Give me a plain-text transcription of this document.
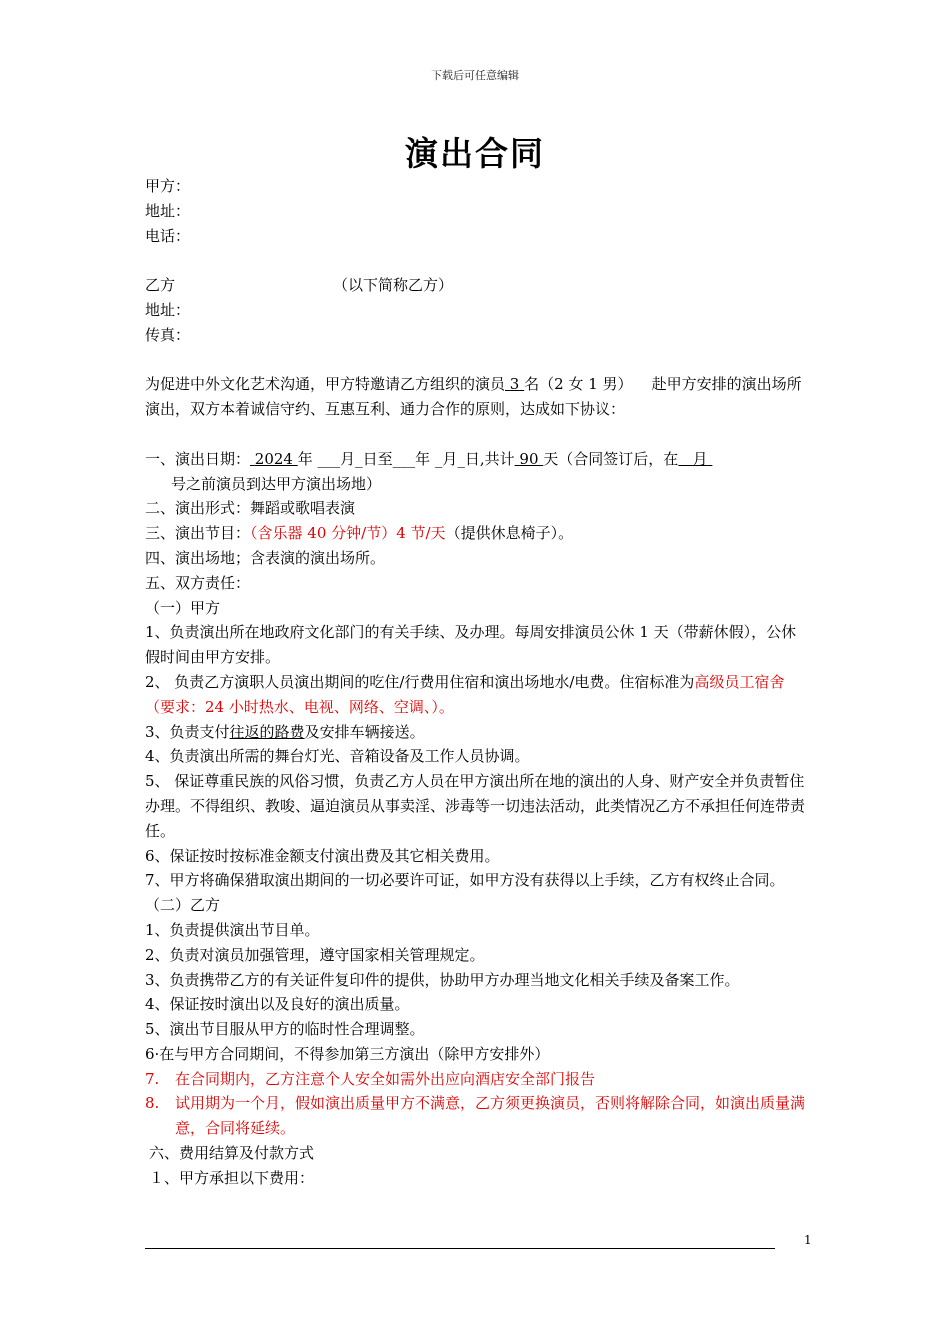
下载后可任意编辑
演出合同
甲方：
地址：
电话：
乙方	（以下简称乙方）
地址：
传真：
为促进中外文化艺术沟通，甲方特邀请乙方组织的演员 3 名（2 女 1 男） 赴甲方安排的演出场所演出，双方本着诚信守约、互惠互利、通力合作的原则，达成如下协议：
一、演出日期： 2024 年 ___月_日至___年 _月_日,共计 90 天（合同签订后，在 月
号之前演员到达甲方演出场地）
二、演出形式：舞蹈或歌唱表演
三、演出节目：（含乐器 40 分钟/节）4 节/天（提供休息椅子）。
四、演出场地；含表演的演出场所。
五、双方责任：
（一）甲方
1、负责演出所在地政府文化部门的有关手续、及办理。每周安排演员公休 1 天（带薪休假），公休假时间由甲方安排。
2、 负责乙方演职人员演出期间的吃住/行费用住宿和演出场地水/电费。住宿标准为高级员工宿舍（要求：24 小时热水、电视、网络、空调、）。
3、负责支付往返的路费及安排车辆接送。
4、负责演出所需的舞台灯光、音箱设备及工作人员协调。
5、 保证尊重民族的风俗习惯，负责乙方人员在甲方演出所在地的演出的人身、财产安全并负责暂住办理。不得组织、教唆、逼迫演员从事卖淫、涉毒等一切违法活动，此类情况乙方不承担任何连带责任。
6、保证按时按标准金额支付演出费及其它相关费用。
7、甲方将确保猎取演出期间的一切必要许可证，如甲方没有获得以上手续，乙方有权终止合同。
（二）乙方
1、负责提供演出节目单。
2、负责对演员加强管理，遵守国家相关管理规定。
3、负责携带乙方的有关证件复印件的提供，协助甲方办理当地文化相关手续及备案工作。
4、保证按时演出以及良好的演出质量。
5、演出节目服从甲方的临时性合理调整。
6·在与甲方合同期间，不得参加第三方演出（除甲方安排外）
7. 在合同期内，乙方注意个人安全如需外出应向酒店安全部门报告
8. 试用期为一个月，假如演出质量甲方不满意，乙方须更换演员，否则将解除合同，如演出质量满意，合同将延续。
六、费用结算及付款方式
１、甲方承担以下费用：
1
